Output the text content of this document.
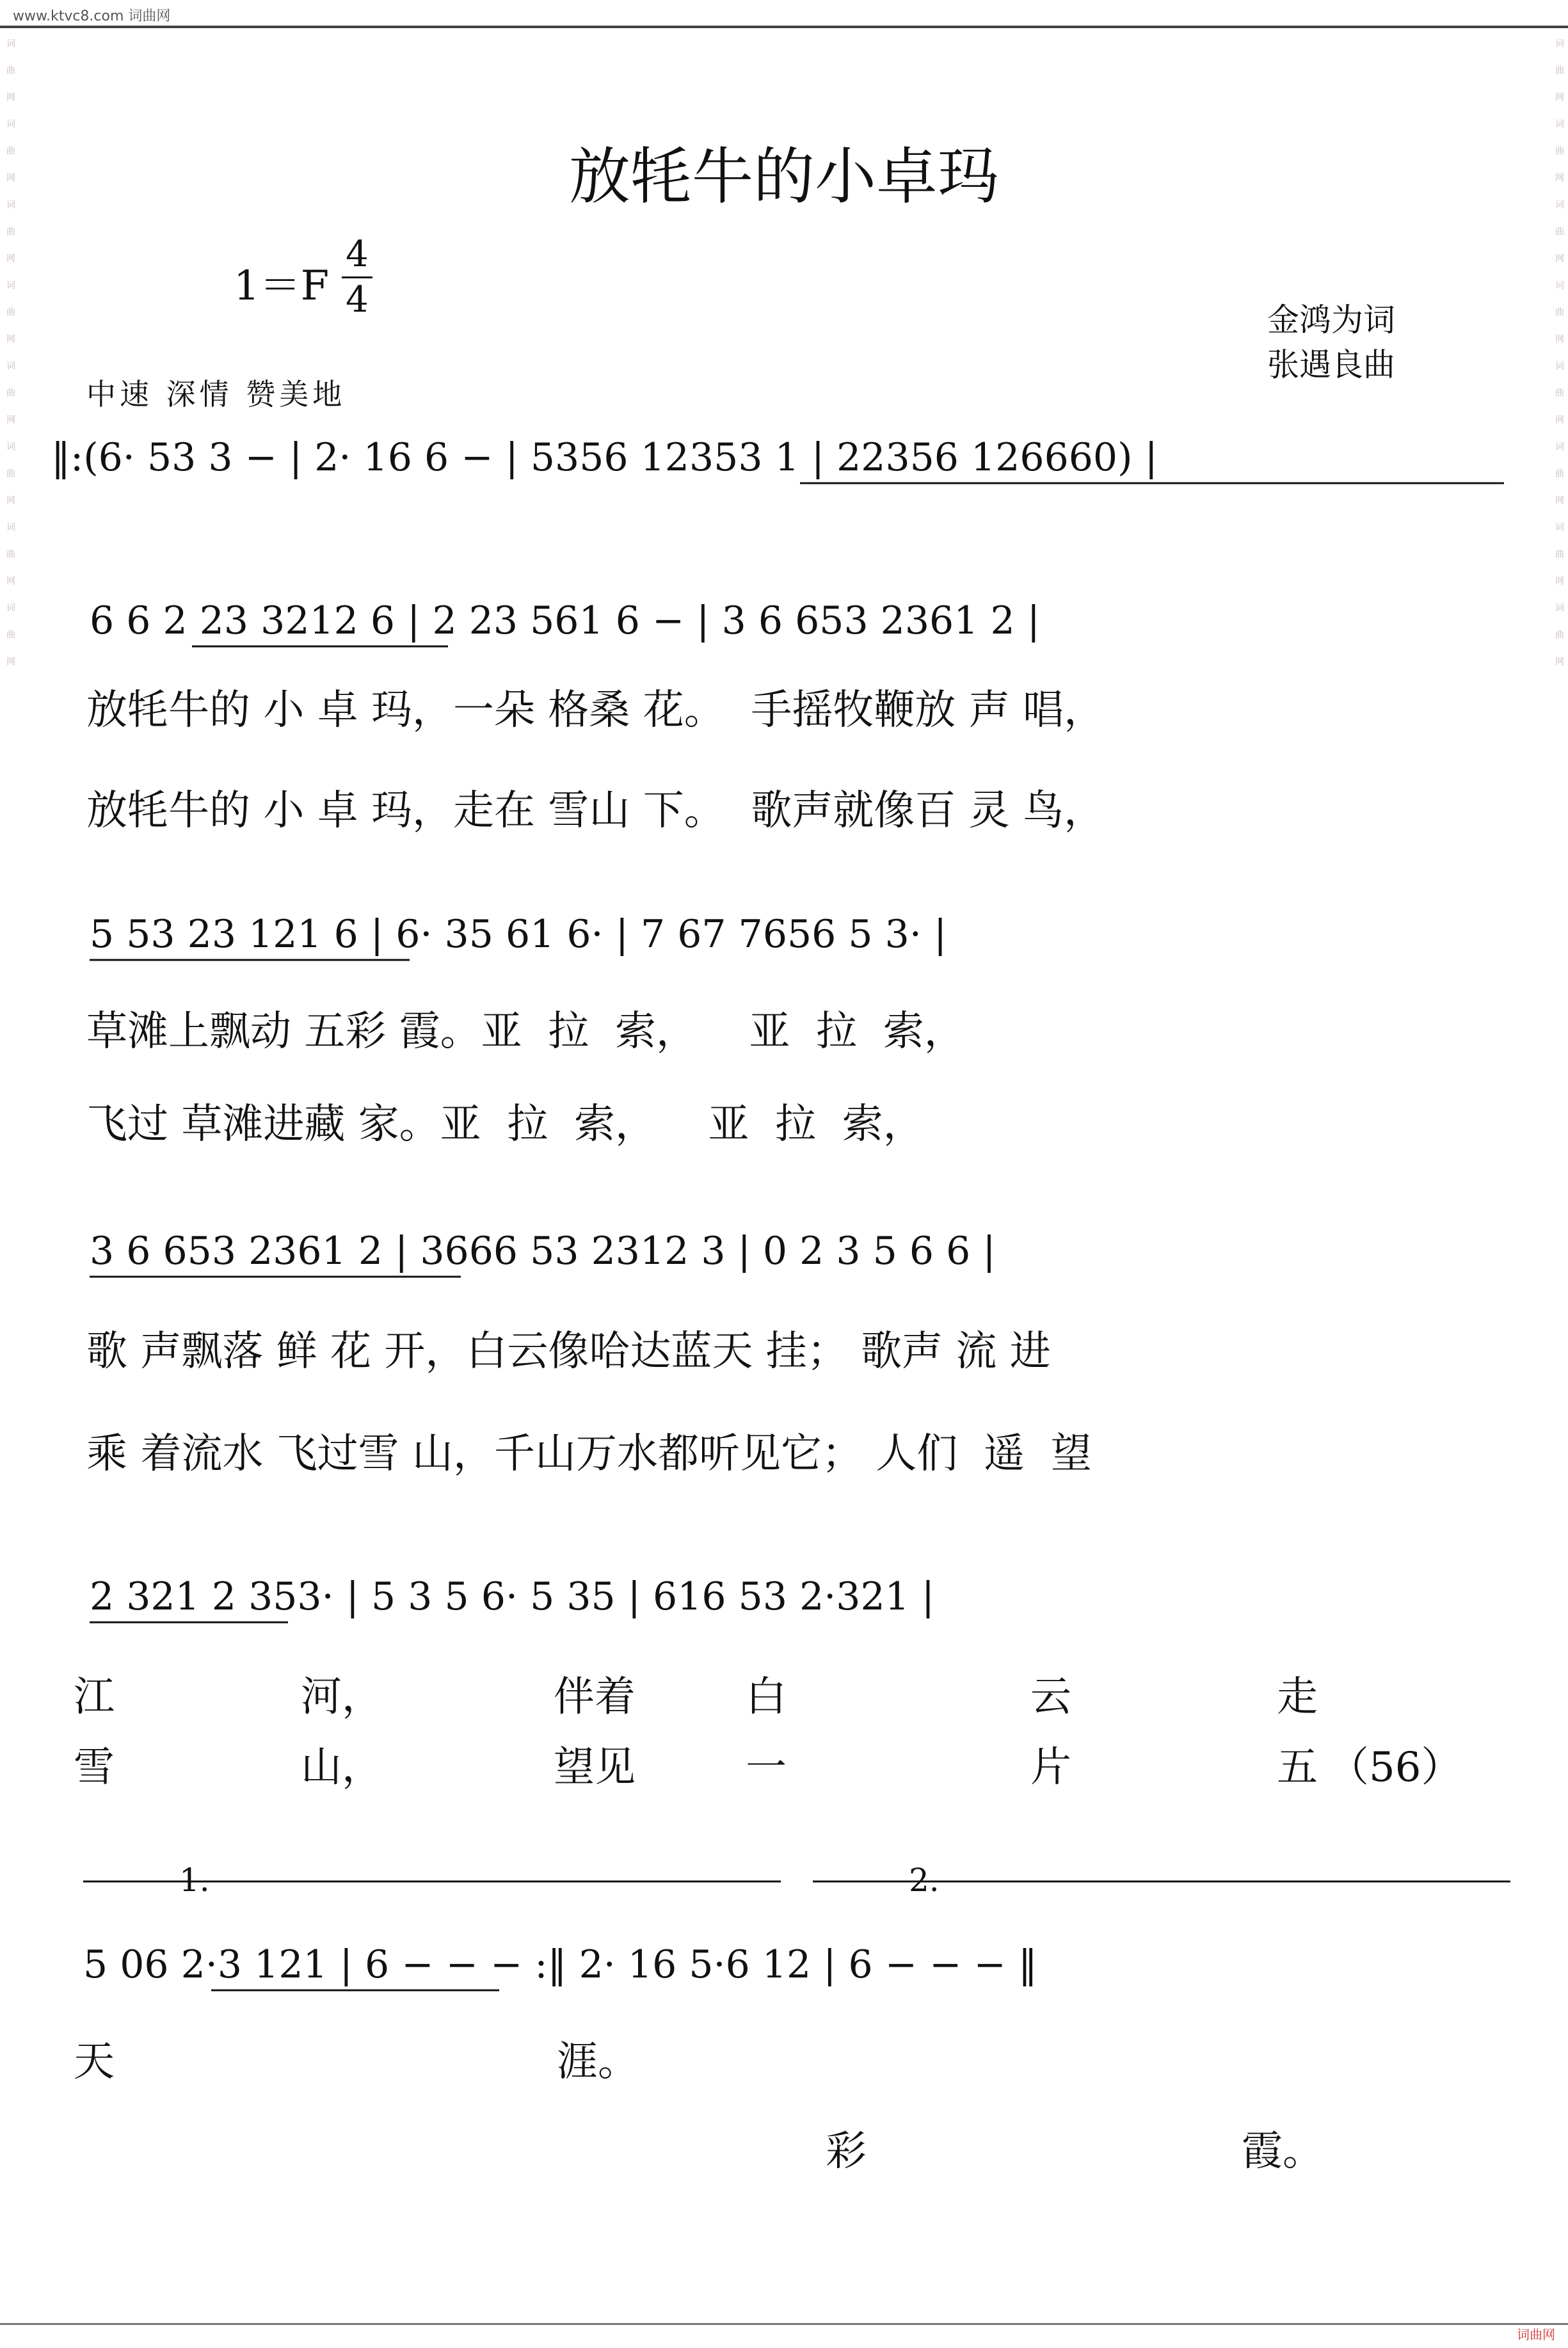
www.ktvc8.com 词曲网
词曲网词曲网词曲网词曲网词曲网词曲网词曲网词曲网	词曲网词曲网词曲网词曲网词曲网词曲网词曲网词曲网
放牦牛的小卓玛
1＝F
4
4	金鸿为词
张遇良曲
中速 深情 赞美地
‖:(6· 53 3 − | 2· 16 6 − | 5356 12353 1 | 22356 126660) |
6 6 2 23 3212 6 | 2 23 561 6 − | 3 6 653 2361 2 |
5 53 23 121 6 | 6· 35 61 6· | 7 67 7656 5 3· |
3 6 653 2361 2 | 3666 53 2312 3 | 0 2 3 5 6 6 |
2 321 2 353· | 5 3 5 6· 5 35 | 616 53 2·321 |
5 06 2·3 121 | 6 − − − :‖ 2· 16 5·6 12 | 6 − − − ‖
1.	2.
放牦牛的 小 卓 玛，一朵 格桑 花。 手摇牧鞭放 声 唱，
放牦牛的 小 卓 玛，走在 雪山 下。 歌声就像百 灵 鸟，
草滩上飘动 五彩 霞。亚 拉 索， 亚 拉 索，
飞过 草滩进藏 家。亚 拉 索， 亚 拉 索，
歌 声飘落 鲜 花 开，白云像哈达蓝天 挂； 歌声 流 进
乘 着流水 飞过雪 山，千山万水都听见它； 人们 遥 望
江	河，	伴着	白	云	走
雪	山，	望见	一	片	五 （56）
天	涯。
彩	霞。
词曲网
